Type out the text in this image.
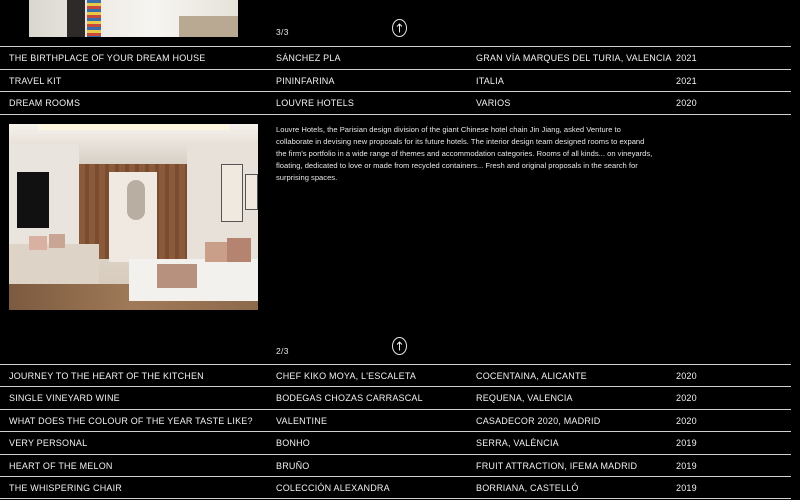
3/3
THE BIRTHPLACE OF YOUR DREAM HOUSE	SÁNCHEZ PLA	GRAN VÍA MARQUES DEL TURIA, VALENCIA 2021
TRAVEL KIT	PININFARINA	ITALIA	2021
DREAM ROOMS	LOUVRE HOTELS	VARIOS	2020

Louvre Hotels, the Parisian design division of the giant Chinese hotel chain Jin Jiang, asked Venture to collaborate in devising new proposals for its future hotels. The interior design team designed rooms to expand the firm's portfolio in a wide range of themes and accommodation categories. Rooms of all kinds... on vineyards, floating, dedicated to love or made from recycled containers... Fresh and original proposals in the search for surprising spaces.

2/3
JOURNEY TO THE HEART OF THE KITCHEN	CHEF KIKO MOYA, L'ESCALETA	COCENTAINA, ALICANTE	2020
SINGLE VINEYARD WINE	BODEGAS CHOZAS CARRASCAL	REQUENA, VALENCIA	2020
WHAT DOES THE COLOUR OF THE YEAR TASTE LIKE?	VALENTINE	CASADECOR 2020, MADRID	2020
VERY PERSONAL	BONHO	SERRA, VALÈNCIA	2019
HEART OF THE MELON	BRUÑO	FRUIT ATTRACTION, IFEMA MADRID	2019
THE WHISPERING CHAIR	COLECCIÓN ALEXANDRA	BORRIANA, CASTELLÓ	2019
